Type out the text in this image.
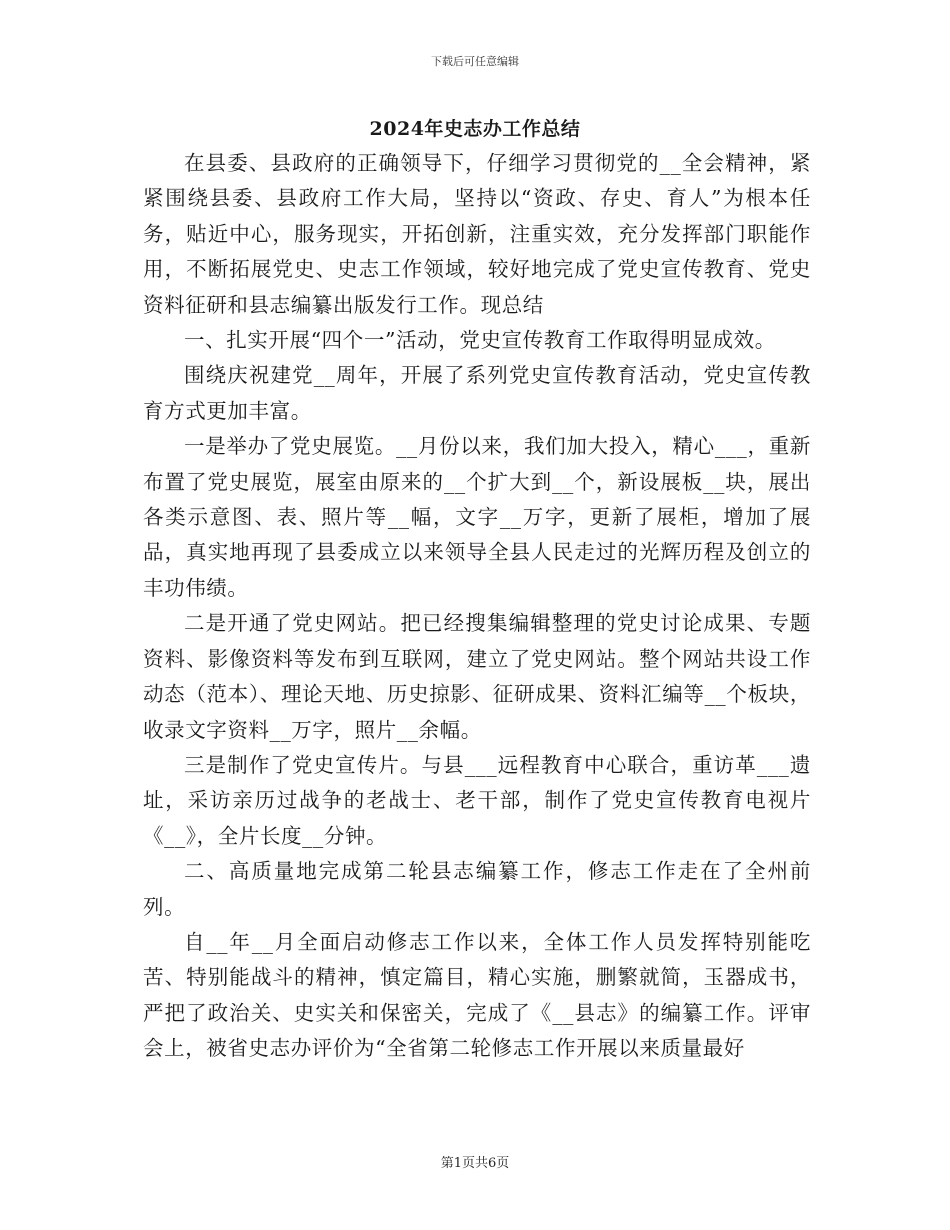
下载后可任意编辑
2024年史志办工作总结

在县委、县政府的正确领导下，仔细学习贯彻党的__全会精神，紧紧围绕县委、县政府工作大局，坚持以“资政、存史、育人”为根本任务，贴近中心，服务现实，开拓创新，注重实效，充分发挥部门职能作用，不断拓展党史、史志工作领域，较好地完成了党史宣传教育、党史资料征研和县志编纂出版发行工作。现总结

一、扎实开展“四个一”活动，党史宣传教育工作取得明显成效。

围绕庆祝建党__周年，开展了系列党史宣传教育活动，党史宣传教育方式更加丰富。

一是举办了党史展览。__月份以来，我们加大投入，精心___，重新布置了党史展览，展室由原来的__个扩大到__个，新设展板__块，展出各类示意图、表、照片等__幅，文字__万字，更新了展柜，增加了展品，真实地再现了县委成立以来领导全县人民走过的光辉历程及创立的丰功伟绩。

二是开通了党史网站。把已经搜集编辑整理的党史讨论成果、专题资料、影像资料等发布到互联网，建立了党史网站。整个网站共设工作动态（范本）、理论天地、历史掠影、征研成果、资料汇编等__个板块，收录文字资料__万字，照片__余幅。

三是制作了党史宣传片。与县___远程教育中心联合，重访革___遗址，采访亲历过战争的老战士、老干部，制作了党史宣传教育电视片《__》，全片长度__分钟。

二、高质量地完成第二轮县志编纂工作，修志工作走在了全州前列。

自__年__月全面启动修志工作以来，全体工作人员发挥特别能吃苦、特别能战斗的精神，慎定篇目，精心实施，删繁就简，玉器成书，严把了政治关、史实关和保密关，完成了《__县志》的编纂工作。评审会上，被省史志办评价为“全省第二轮修志工作开展以来质量最好

第1页共6页
